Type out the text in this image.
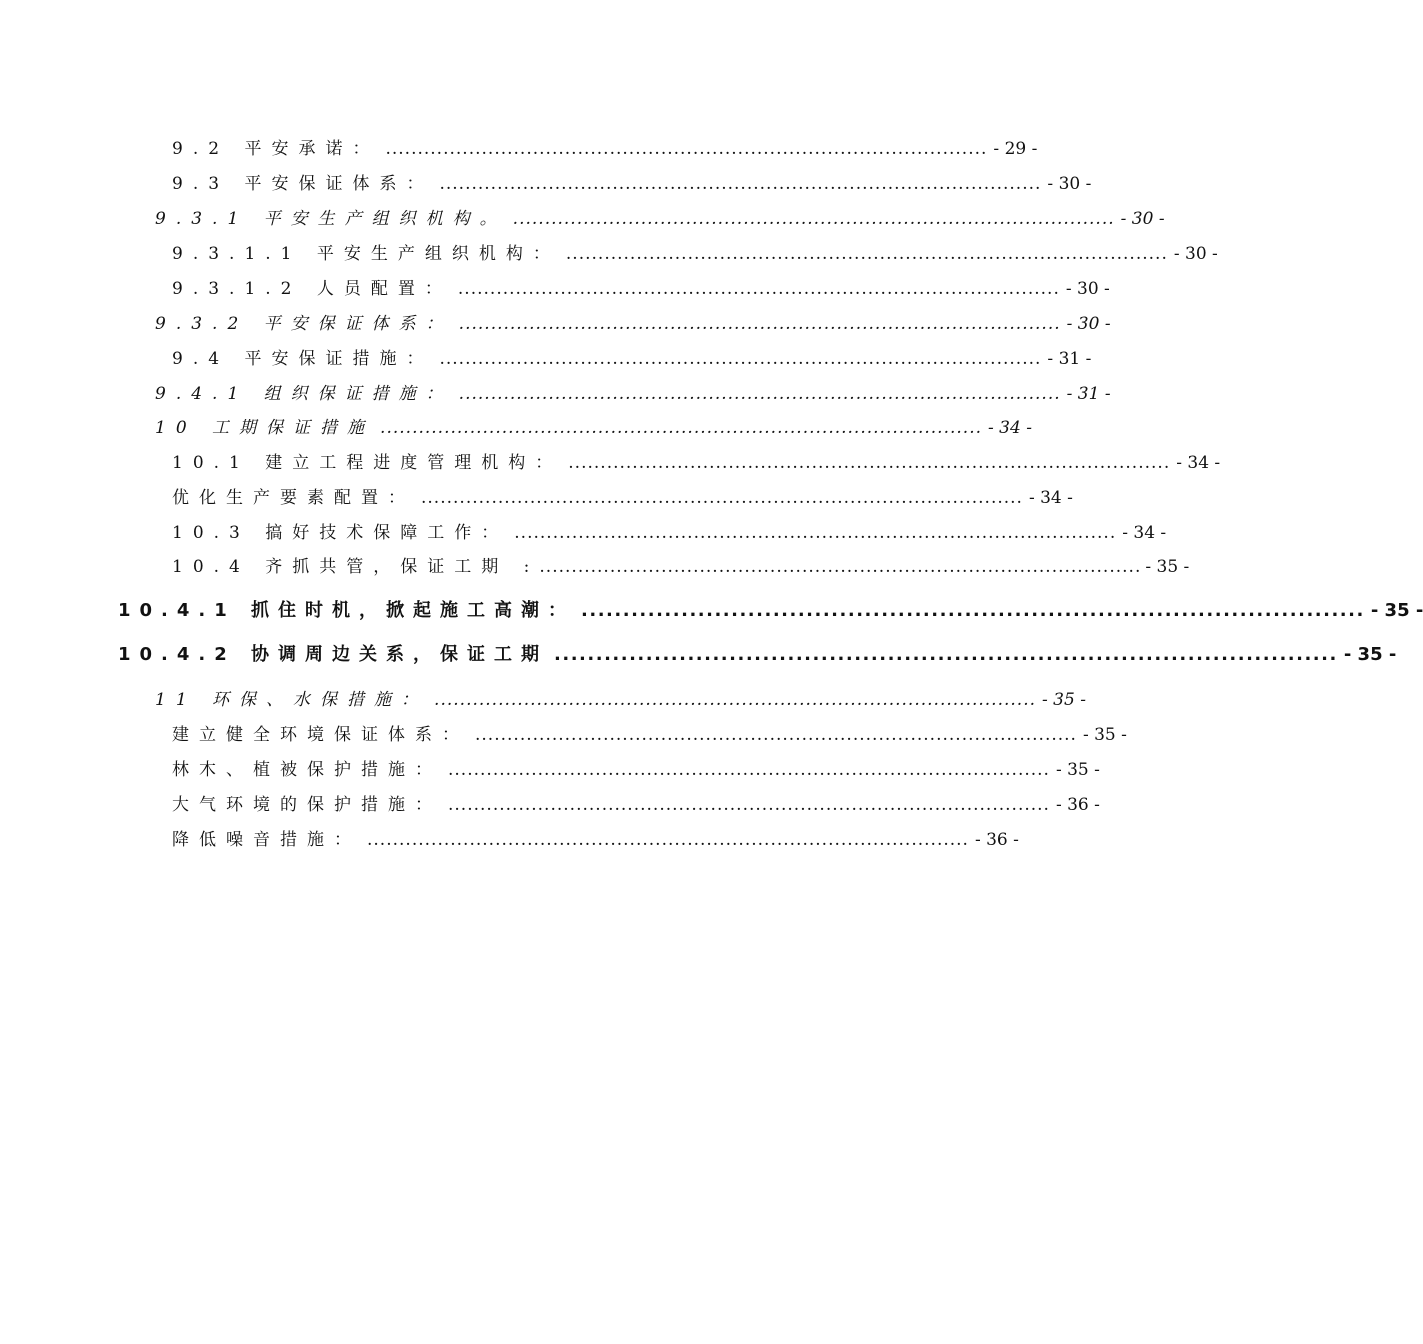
9.2 平安承诺： .............................................................................................. - 29 -
9.3 平安保证体系： .............................................................................................. - 30 -
9.3.1 平安生产组织机构。 .............................................................................................. - 30 -
9.3.1.1 平安生产组织机构： .............................................................................................. - 30 -
9.3.1.2 人员配置： .............................................................................................. - 30 -
9.3.2 平安保证体系： .............................................................................................. - 30 -
9.4 平安保证措施： .............................................................................................. - 31 -
9.4.1 组织保证措施： .............................................................................................. - 31 -
10 工期保证措施 .............................................................................................. - 34 -
10.1 建立工程进度管理机构： .............................................................................................. - 34 -
优化生产要素配置： .............................................................................................. - 34 -
10.3 搞好技术保障工作： .............................................................................................. - 34 -
10.4 齐抓共管，保证工期 : .............................................................................................. - 35 -
10.4.1 抓住时机，掀起施工高潮： .............................................................................................. - 35 -
10.4.2 协调周边关系，保证工期 .............................................................................................. - 35 -
11 环保、水保措施： .............................................................................................. - 35 -
建立健全环境保证体系： .............................................................................................. - 35 -
林木、植被保护措施： .............................................................................................. - 35 -
大气环境的保护措施： .............................................................................................. - 36 -
降低噪音措施： .............................................................................................. - 36 -
